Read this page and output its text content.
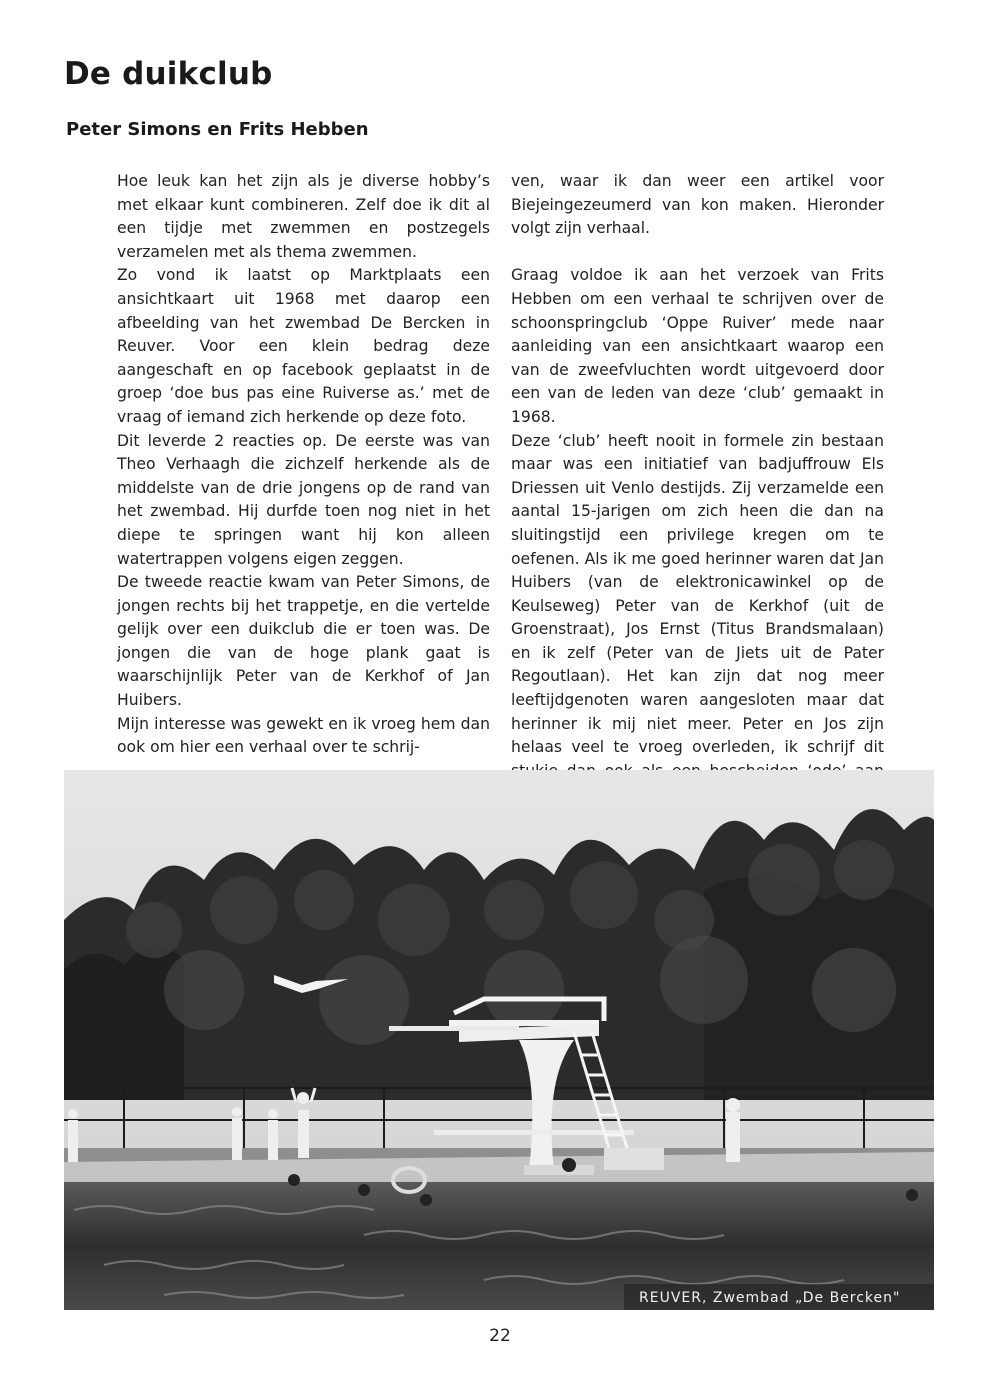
De duikclub
Peter Simons en Frits Hebben

Hoe leuk kan het zijn als je diverse hobby’s met elkaar kunt combineren. Zelf doe ik dit al een tijdje met zwemmen en postzegels verzamelen met als thema zwemmen.

Zo vond ik laatst op Marktplaats een ansichtkaart uit 1968 met daarop een afbeelding van het zwembad De Bercken in Reuver. Voor een klein bedrag deze aangeschaft en op facebook geplaatst in de groep ‘doe bus pas eine Ruiverse as.’ met de vraag of iemand zich herkende op deze foto.

Dit leverde 2 reacties op. De eerste was van Theo Verhaagh die zichzelf herkende als de middelste van de drie jongens op de rand van het zwembad. Hij durfde toen nog niet in het diepe te springen want hij kon alleen watertrappen volgens eigen zeggen.

De tweede reactie kwam van Peter Simons, de jongen rechts bij het trappetje, en die vertelde gelijk over een duikclub die er toen was. De jongen die van de hoge plank gaat is waarschijnlijk Peter van de Kerkhof of Jan Huibers.

Mijn interesse was gewekt en ik vroeg hem dan ook om hier een verhaal over te schrij-

ven, waar ik dan weer een artikel voor Biejeingezeumerd van kon maken. Hieronder volgt zijn verhaal.

Graag voldoe ik aan het verzoek van Frits Hebben om een verhaal te schrijven over de schoonspringclub ‘Oppe Ruiver’ mede naar aanleiding van een ansichtkaart waarop een van de zweefvluchten wordt uitgevoerd door een van de leden van deze ‘club’ gemaakt in 1968.

Deze ‘club’ heeft nooit in formele zin bestaan maar was een initiatief van badjuffrouw Els Driessen uit Venlo destijds. Zij verzamelde een aantal 15-jarigen om zich heen die dan na sluitingstijd een privilege kregen om te oefenen. Als ik me goed herinner waren dat Jan Huibers (van de elektronicawinkel op de Keulseweg) Peter van de Kerkhof (uit de Groenstraat), Jos Ernst (Titus Brandsmalaan) en ik zelf (Peter van de Jiets uit de Pater Regoutlaan). Het kan zijn dat nog meer leeftijdgenoten waren aangesloten maar dat herinner ik mij niet meer. Peter en Jos zijn helaas veel te vroeg overleden, ik schrijf dit

REUVER, Zwembad „De Bercken"
22
